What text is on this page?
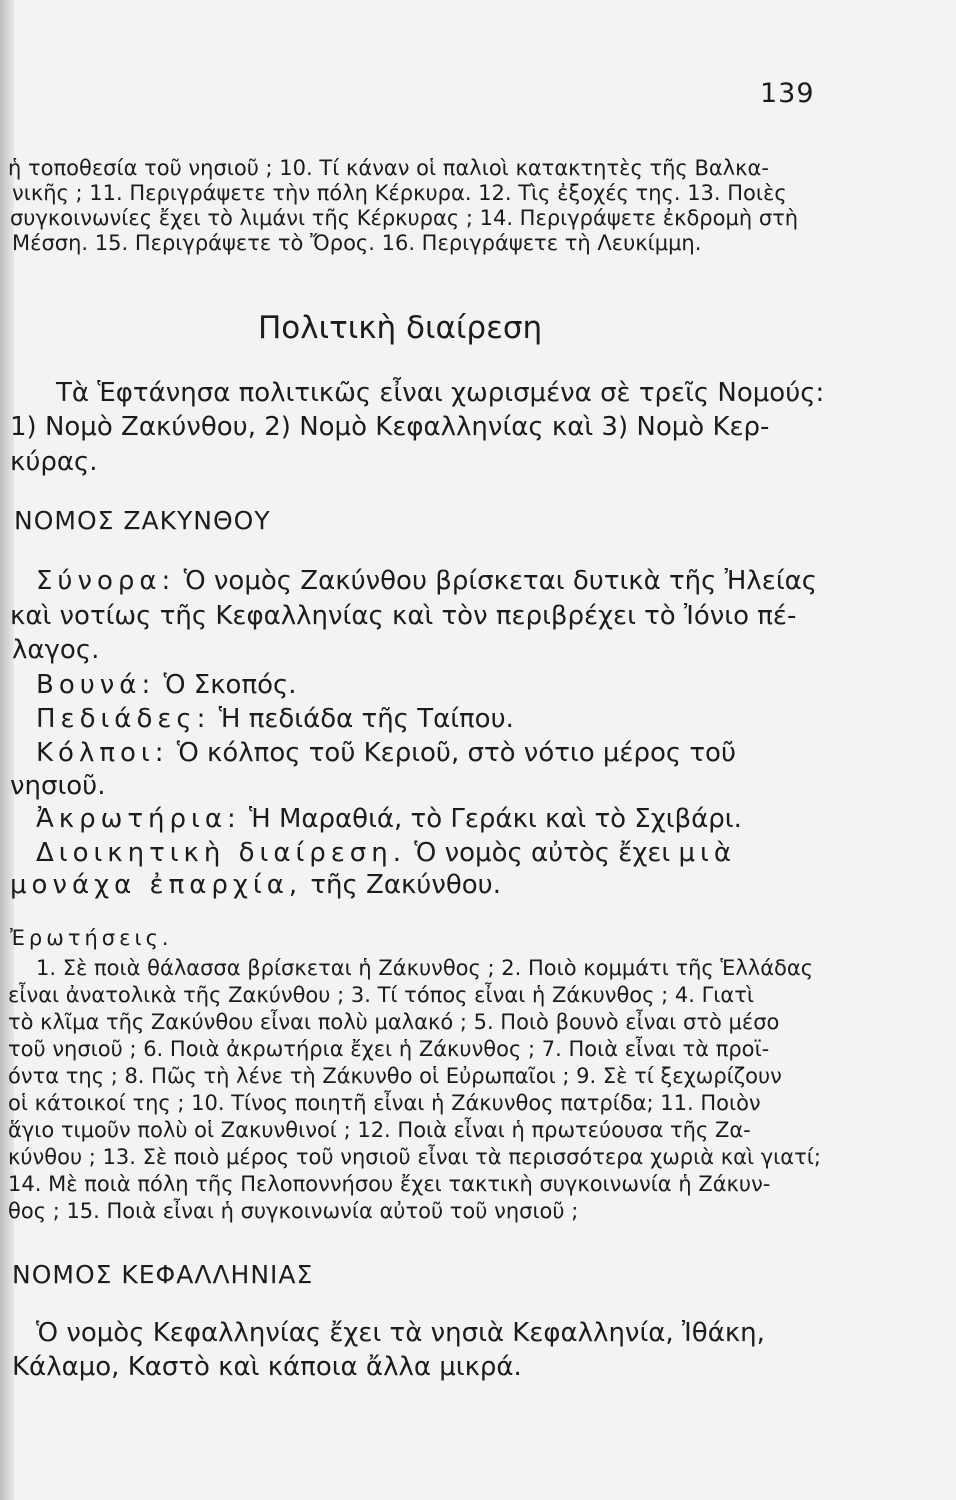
139
ἡ τοποθεσία τοῦ νησιοῦ ; 10. Τί κάναν οἱ παλιοὶ κατακτητὲς τῆς Βαλκα-
νικῆς ; 11. Περιγράψετε τὴν πόλη Κέρκυρα. 12. Τὶς ἐξοχές της. 13. Ποιὲς
συγκοινωνίες ἔχει τὸ λιμάνι τῆς Κέρκυρας ; 14. Περιγράψετε ἐκδρομὴ στὴ
Μέσση. 15. Περιγράψετε τὸ Ὄρος. 16. Περιγράψετε τὴ Λευκίμμη.
Πολιτικὴ διαίρεση
Τὰ Ἑφτάνησα πολιτικῶς εἶναι χωρισμένα σὲ τρεῖς Νομούς:
1) Νομὸ Ζακύνθου, 2) Νομὸ Κεφαλληνίας καὶ 3) Νομὸ Κερ-
κύρας.
ΝΟΜΟΣ ΖΑΚΥΝΘΟΥ
Σύνορα: Ὁ νομὸς Ζακύνθου βρίσκεται δυτικὰ τῆς Ἠλείας
καὶ νοτίως τῆς Κεφαλληνίας καὶ τὸν περιβρέχει τὸ Ἰόνιο πέ-
λαγος.
Βουνά: Ὁ Σκοπός.
Πεδιάδες: Ἡ πεδιάδα τῆς Ταίπου.
Κόλποι: Ὁ κόλπος τοῦ Κεριοῦ, στὸ νότιο μέρος τοῦ
νησιοῦ.
Ἀκρωτήρια: Ἡ Μαραθιά, τὸ Γεράκι καὶ τὸ Σχιβάρι.
Διοικητικὴ διαίρεση. Ὁ νομὸς αὐτὸς ἔχει μιὰ
μονάχα ἐπαρχία, τῆς Ζακύνθου.
Ἐρωτήσεις.
1. Σὲ ποιὰ θάλασσα βρίσκεται ἡ Ζάκυνθος ; 2. Ποιὸ κομμάτι τῆς Ἑλλάδας
εἶναι ἀνατολικὰ τῆς Ζακύνθου ; 3. Τί τόπος εἶναι ἡ Ζάκυνθος ; 4. Γιατὶ
τὸ κλῖμα τῆς Ζακύνθου εἶναι πολὺ μαλακό ; 5. Ποιὸ βουνὸ εἶναι στὸ μέσο
τοῦ νησιοῦ ; 6. Ποιὰ ἀκρωτήρια ἔχει ἡ Ζάκυνθος ; 7. Ποιὰ εἶναι τὰ προϊ-
όντα της ; 8. Πῶς τὴ λένε τὴ Ζάκυνθο οἱ Εὐρωπαῖοι ; 9. Σὲ τί ξεχωρίζουν
οἱ κάτοικοί της ; 10. Τίνος ποιητῆ εἶναι ἡ Ζάκυνθος πατρίδα; 11. Ποιὸν
ἅγιο τιμοῦν πολὺ οἱ Ζακυνθινοί ; 12. Ποιὰ εἶναι ἡ πρωτεύουσα τῆς Ζα-
κύνθου ; 13. Σὲ ποιὸ μέρος τοῦ νησιοῦ εἶναι τὰ περισσότερα χωριὰ καὶ γιατί;
14. Μὲ ποιὰ πόλη τῆς Πελοποννήσου ἔχει τακτικὴ συγκοινωνία ἡ Ζάκυν-
θος ; 15. Ποιὰ εἶναι ἡ συγκοινωνία αὐτοῦ τοῦ νησιοῦ ;
ΝΟΜΟΣ ΚΕΦΑΛΛΗΝΙΑΣ
Ὁ νομὸς Κεφαλληνίας ἔχει τὰ νησιὰ Κεφαλληνία, Ἰθάκη,
Κάλαμο, Καστὸ καὶ κάποια ἄλλα μικρά.
